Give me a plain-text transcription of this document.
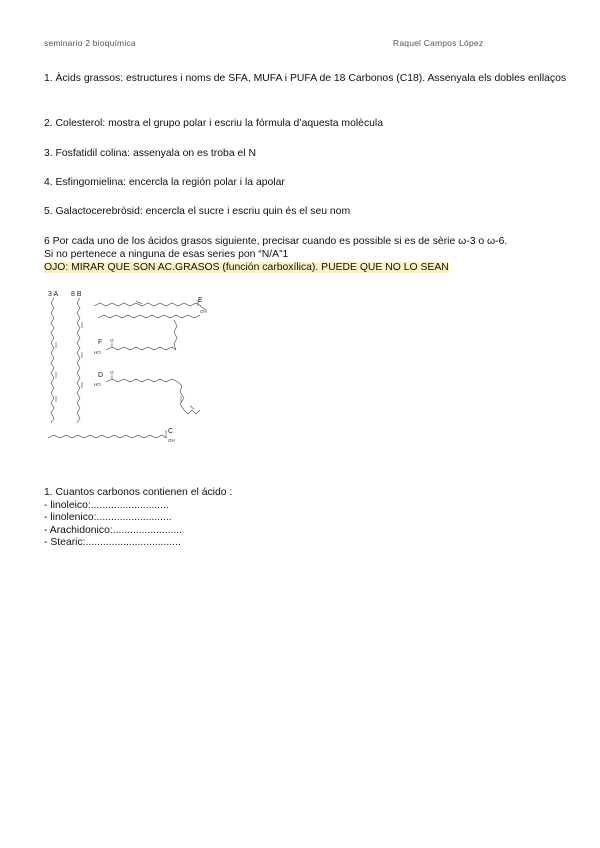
seminario 2 bioquímica	Raquel Campos López

1. Àcids grassos: estructures i noms de SFA, MUFA i PUFA de 18 Carbonos (C18). Assenyala els dobles enllaços

2. Colesterol: mostra el grupo polar i escriu la fórmula d’aquesta molècula

3. Fosfatidil colina: assenyala on es troba el N

4. Esfingomielina: encercla la región polar i la apolar

5. Galactocerebròsid: encercla el sucre i escriu quin és el seu nom

6 Por cada uno de los ácidos grasos siguiente, precisar cuando es possible si es de sèrie ω-3 o ω-6.

Si no pertenece a ninguna de esas series pon “N/A”1

OJO: MIRAR QUE SON AC.GRASOS (función carboxílica). PUEDE QUE NO LO SEAN

3 A 8 B
E
F
D
C
HO
O
HO
O
OH
OH
1. Cuantos carbonos contienen el ácido :
- linoleico:...........................
- linolenico:..........................
- Arachidonico:........................
- Stearic:.................................
